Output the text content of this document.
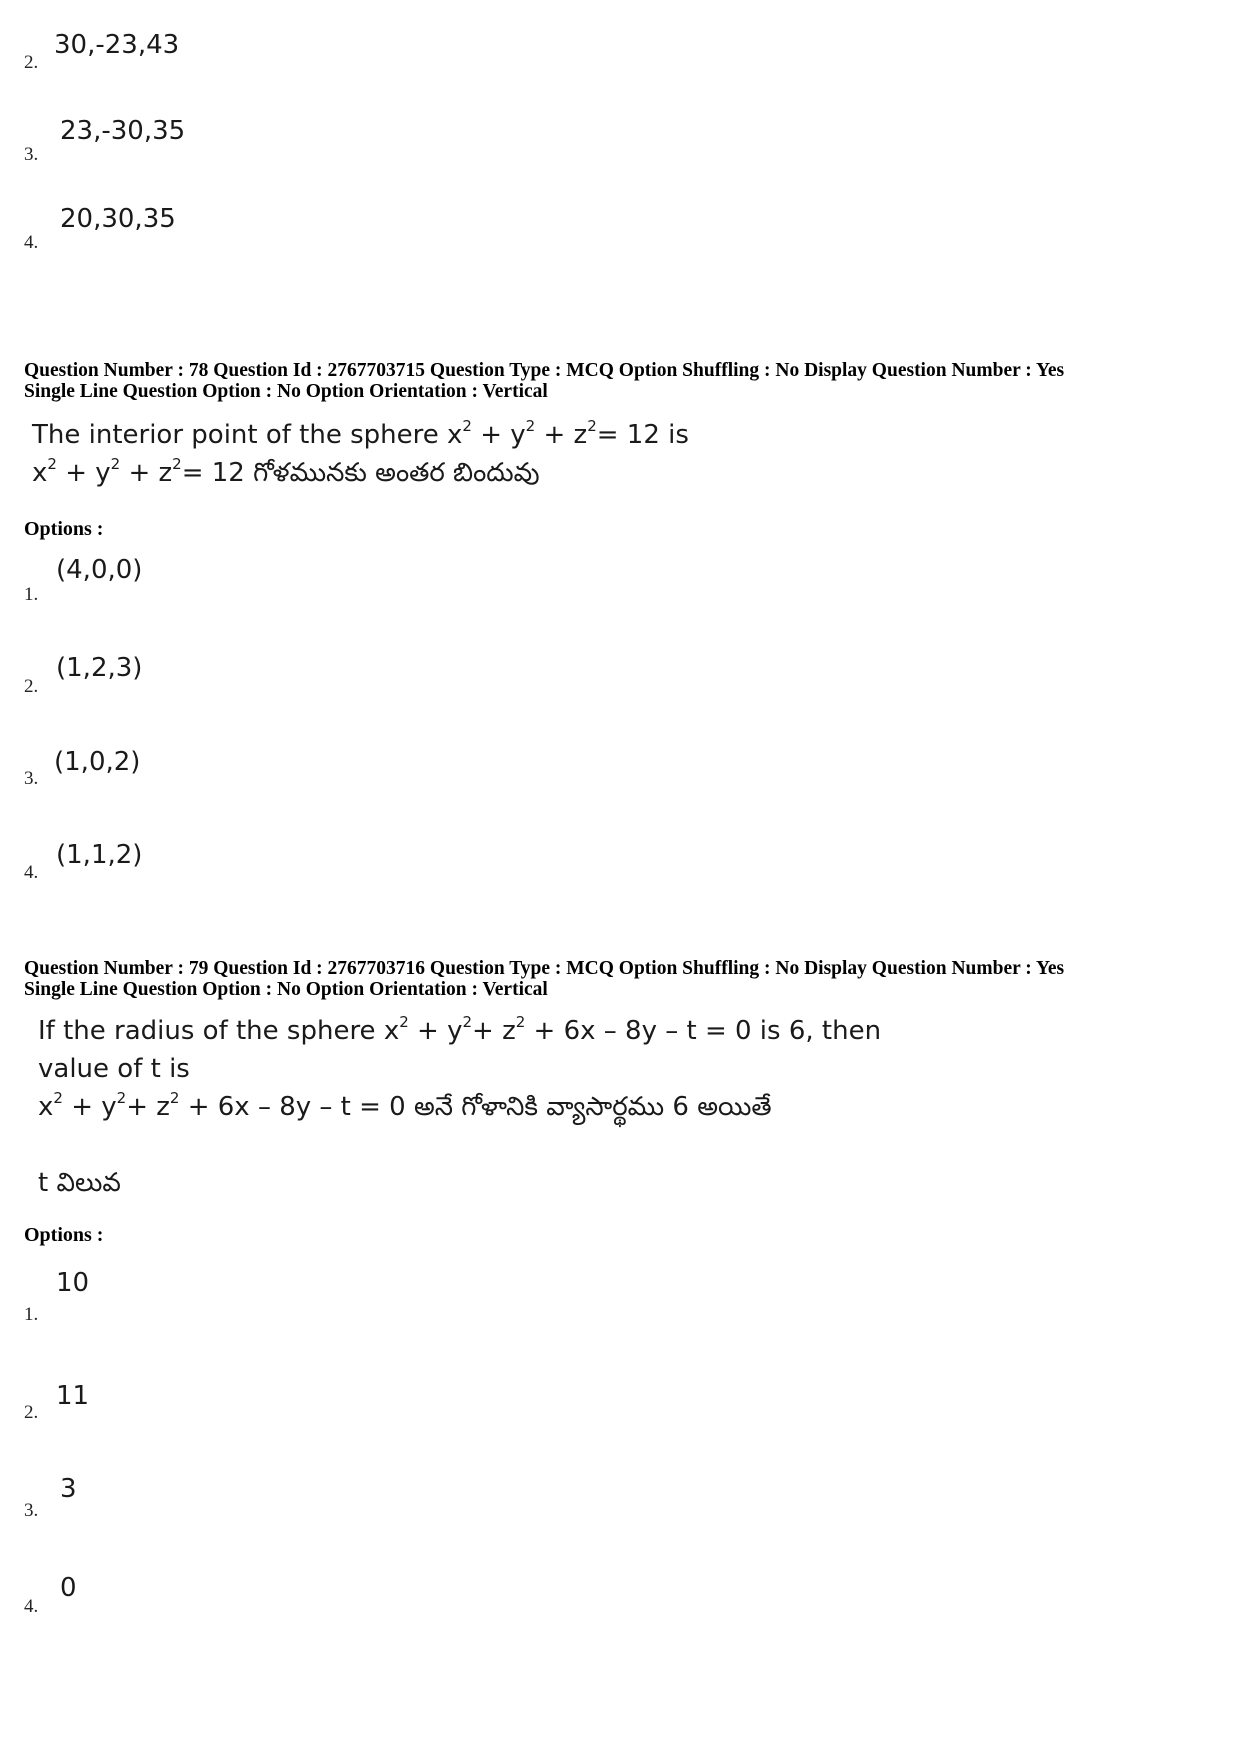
2.
30,-23,43
3.
23,-30,35
4.
20,30,35
Question Number : 78 Question Id : 2767703715 Question Type : MCQ Option Shuffling : No Display Question Number : Yes
Single Line Question Option : No Option Orientation : Vertical
The interior point of the sphere $x^2 + y^2 + z^2= 12$ is
$x^2 + y^2 + z^2= 12$ గోళమునకు అంతర బిందువు
Options :
1.
(4,0,0)
2.
(1,2,3)
3.
(1,0,2)
4.
(1,1,2)
Question Number : 79 Question Id : 2767703716 Question Type : MCQ Option Shuffling : No Display Question Number : Yes
Single Line Question Option : No Option Orientation : Vertical
If the radius of the sphere $x^2 + y^2+ z^2 + 6x - 8y - t = 0$ is 6, then
value of t is
$x^2 + y^2+ z^2 + 6x - 8y - t = 0$ అనే గోళానికి వ్యాసార్థము 6 అయితే
t విలువ
Options :
1.
10
2.
11
3.
3
4.
0
